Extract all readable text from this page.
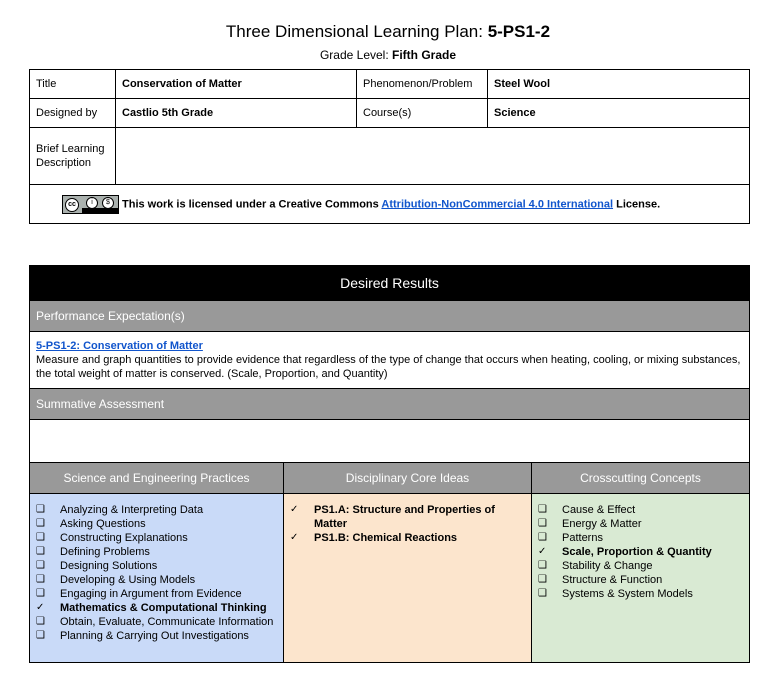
Three Dimensional Learning Plan: 5-PS1-2
Grade Level: Fifth Grade
Title	Conservation of Matter	Phenomenon/Problem	Steel Wool
Designed by	Castlio 5th Grade	Course(s)	Science
Brief Learning Description			

cc i $ This work is licensed under a Creative Commons Attribution-NonCommercial 4.0 International License.			
Desired Results
Performance Expectation(s)
5-PS1-2: Conservation of Matter
Measure and graph quantities to provide evidence that regardless of the type of change that occurs when heating, cooling, or mixing substances, the total weight of matter is conserved. (Scale, Proportion, and Quantity)
Summative Assessment
Science and Engineering Practices
❑	Analyzing & Interpreting Data
❑	Asking Questions
❑	Constructing Explanations
❑	Defining Problems
❑	Designing Solutions
❑	Developing & Using Models
❑	Engaging in Argument from Evidence
✓	Mathematics & Computational Thinking
❑	Obtain, Evaluate, Communicate Information
❑	Planning & Carrying Out Investigations
Disciplinary Core Ideas
✓	PS1.A: Structure and Properties of Matter
✓	PS1.B: Chemical Reactions
Crosscutting Concepts
❑	Cause & Effect
❑	Energy & Matter
❑	Patterns
✓	Scale, Proportion & Quantity
❑	Stability & Change
❑	Structure & Function
❑	Systems & System Models
